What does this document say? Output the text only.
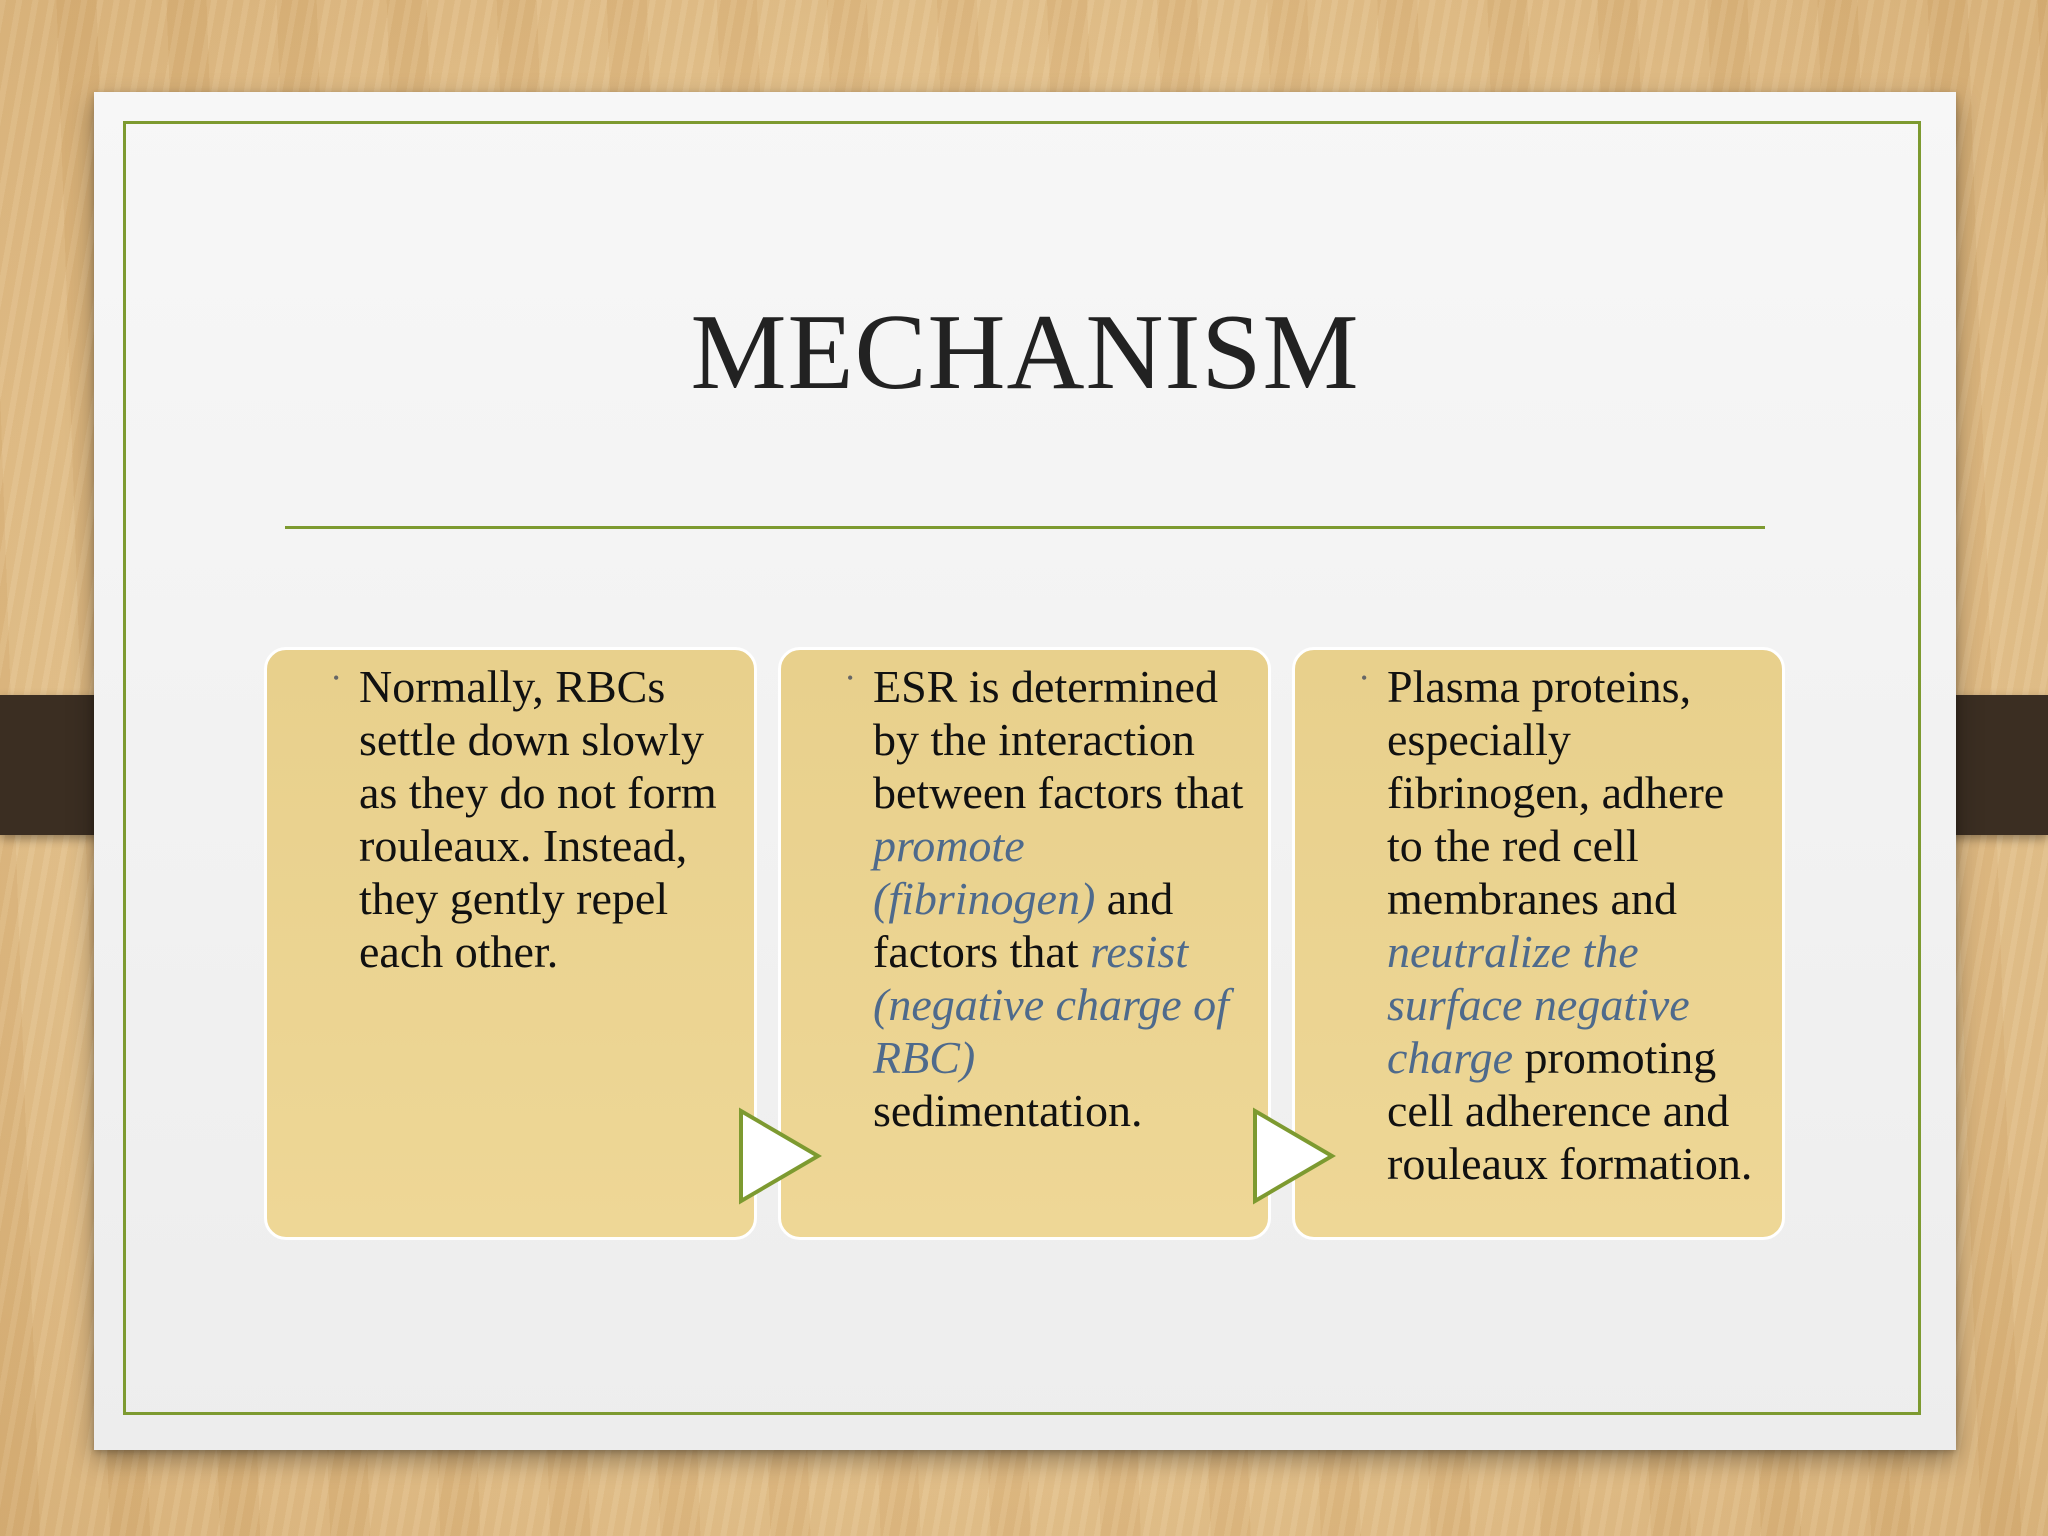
MECHANISM
• Normally, RBCs settle down slowly as they do not form rouleaux. Instead, they gently repel each other.
• ESR is determined by the interaction between factors that promote (fibrinogen) and factors that resist (negative charge of RBC) sedimentation.
• Plasma proteins, especially fibrinogen, adhere to the red cell membranes and neutralize the surface negative charge promoting cell adherence and rouleaux formation.
